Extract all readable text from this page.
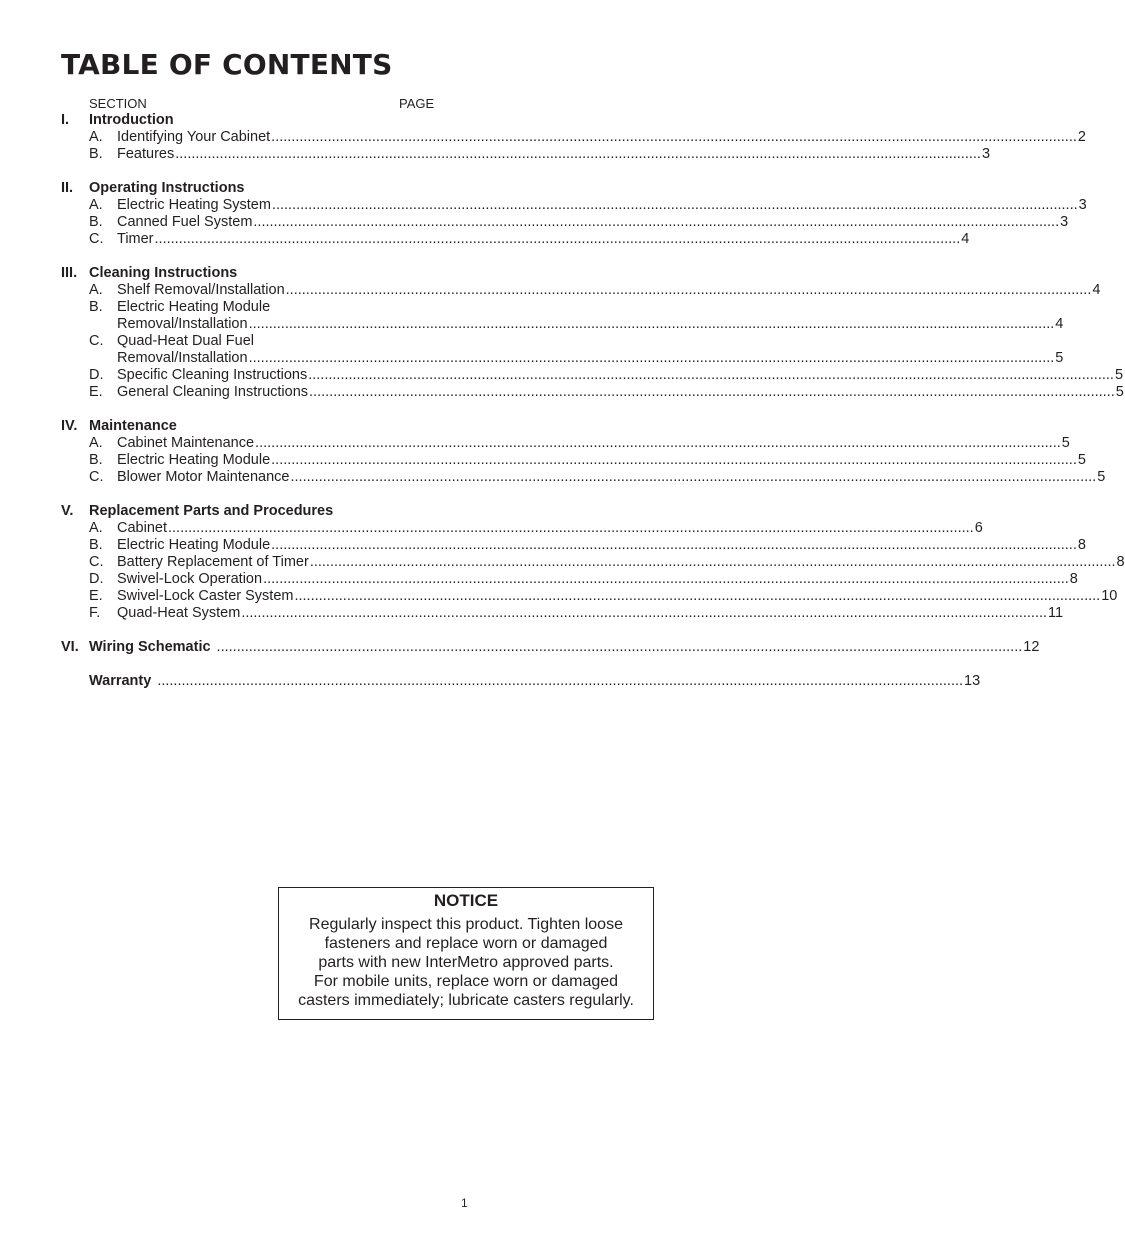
TABLE OF CONTENTS
SECTION	PAGE
I.	Introduction
A. Identifying Your Cabinet ........................................................................................................................................................................................................ 2
B. Features ........................................................................................................................................................................................................ 3
II.	Operating Instructions
A. Electric Heating System ........................................................................................................................................................................................................ 3
B. Canned Fuel System ........................................................................................................................................................................................................ 3
C. Timer ........................................................................................................................................................................................................ 4
III. Cleaning Instructions
A. Shelf Removal/Installation ........................................................................................................................................................................................................ 4
B. Electric Heating Module
Removal/Installation ........................................................................................................................................................................................................ 4
C. Quad-Heat Dual Fuel
Removal/Installation ........................................................................................................................................................................................................ 5
D. Specific Cleaning Instructions ........................................................................................................................................................................................................ 5
E. General Cleaning Instructions ........................................................................................................................................................................................................ 5
IV. Maintenance
A. Cabinet Maintenance ........................................................................................................................................................................................................ 5
B. Electric Heating Module ........................................................................................................................................................................................................ 5
C. Blower Motor Maintenance ........................................................................................................................................................................................................ 5
V.	Replacement Parts and Procedures
A. Cabinet ........................................................................................................................................................................................................ 6
B. Electric Heating Module ........................................................................................................................................................................................................ 8
C. Battery Replacement of Timer ........................................................................................................................................................................................................ 8
D. Swivel-Lock Operation ........................................................................................................................................................................................................ 8
E. Swivel-Lock Caster System ........................................................................................................................................................................................................ 10
F. Quad-Heat System ........................................................................................................................................................................................................ 11
VI. Wiring Schematic ........................................................................................................................................................................................................ 12
Warranty ........................................................................................................................................................................................................ 13
NOTICE
Regularly inspect this product. Tighten loose
fasteners and replace worn or damaged
parts with new InterMetro approved parts.
For mobile units, replace worn or damaged
casters immediately; lubricate casters regularly.
1
